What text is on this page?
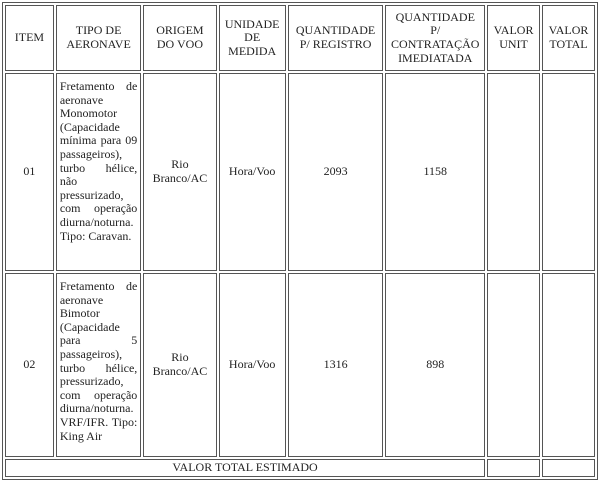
ITEM	TIPO DE AERONAVE	ORIGEM DO VOO	UNIDADE DE MEDIDA	QUANTIDADE P/ REGISTRO	QUANTIDADE P/ CONTRATAÇÃO IMEDIATADA	VALOR UNIT	VALOR TOTAL
01	Fretamento de aeronave Monomotor (Capacidade mínima para 09 passageiros), turbo hélice, não pressurizado, com operação diurna/noturna. Tipo: Caravan.	Rio Branco/AC	Hora/Voo	2093	1158		
02	Fretamento de aeronave Bimotor (Capacidade para 5 passageiros), turbo hélice, pressurizado, com operação diurna/noturna. VRF/IFR. Tipo: King Air	Rio Branco/AC	Hora/Voo	1316	898		
VALOR TOTAL ESTIMADO							
